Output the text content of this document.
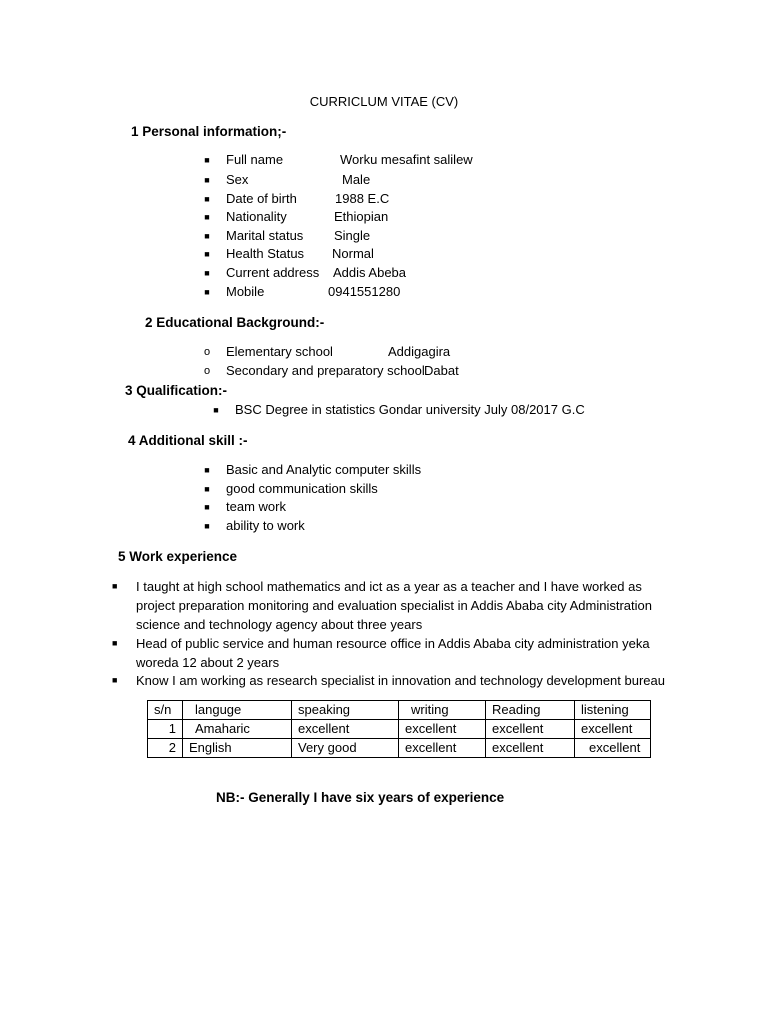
CURRICLUM VITAE (CV)
1 Personal information;-
■ Full name	Worku mesafint salilew
■ Sex	Male
■ Date of birth	1988 E.C
■ Nationality	Ethiopian
■ Marital status Single
■ Health Status Normal
■ Current address Addis Abeba
■ Mobile	0941551280
2 Educational Background:-
o Elementary school	Addigagira
o Secondary and preparatory school Dabat
3 Qualification:-
■ BSC Degree in statistics Gondar university July 08/2017 G.C
4 Additional skill :-
■ Basic and Analytic computer skills
■ good communication skills
■ team work
■ ability to work
5 Work experience
■ I taught at high school mathematics and ict as a year as a teacher and I have worked as project preparation monitoring and evaluation specialist in Addis Ababa city Administration science and technology agency about three years
■ Head of public service and human resource office in Addis Ababa city administration yeka woreda 12 about 2 years
■ Know I am working as research specialist in innovation and technology development bureau
s/n	languge	speaking	writing	Reading	listening
1	Amaharic	excellent	excellent	excellent	excellent
2	English	Very good	excellent	excellent	excellent
NB:- Generally I have six years of experience
